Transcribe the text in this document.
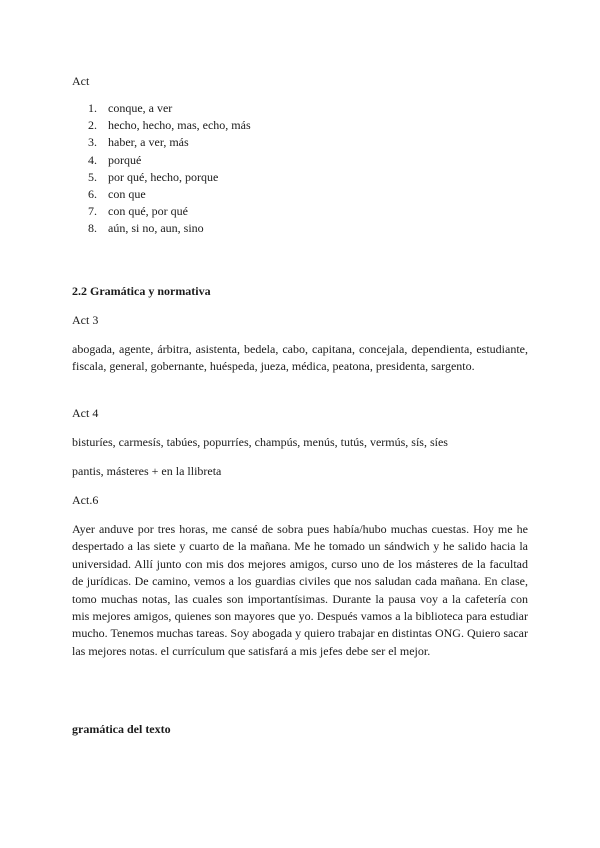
Act
1. conque, a ver
2. hecho, hecho, mas, echo, más
3. haber, a ver, más
4. porqué
5. por qué, hecho, porque
6. con que
7. con qué, por qué
8. aún, si no, aun, sino
2.2 Gramática y normativa
Act 3
abogada, agente, árbitra, asistenta, bedela, cabo, capitana, concejala, dependienta, estudiante, fiscala, general, gobernante, huéspeda, jueza, médica, peatona, presidenta, sargento.
Act 4
bisturíes, carmesís, tabúes, popurríes, champús, menús, tutús, vermús, sís, síes
pantis, másteres + en la llibreta
Act.6
Ayer anduve por tres horas, me cansé de sobra pues había/hubo muchas cuestas. Hoy me he despertado a las siete y cuarto de la mañana. Me he tomado un sándwich y he salido hacia la universidad. Allí junto con mis dos mejores amigos, curso uno de los másteres de la facultad de jurídicas. De camino, vemos a los guardias civiles que nos saludan cada mañana. En clase, tomo muchas notas, las cuales son importantísimas. Durante la pausa voy a la cafetería con mis mejores amigos, quienes son mayores que yo. Después vamos a la biblioteca para estudiar mucho. Tenemos muchas tareas. Soy abogada y quiero trabajar en distintas ONG. Quiero sacar las mejores notas. el currículum que satisfará a mis jefes debe ser el mejor.
gramática del texto
